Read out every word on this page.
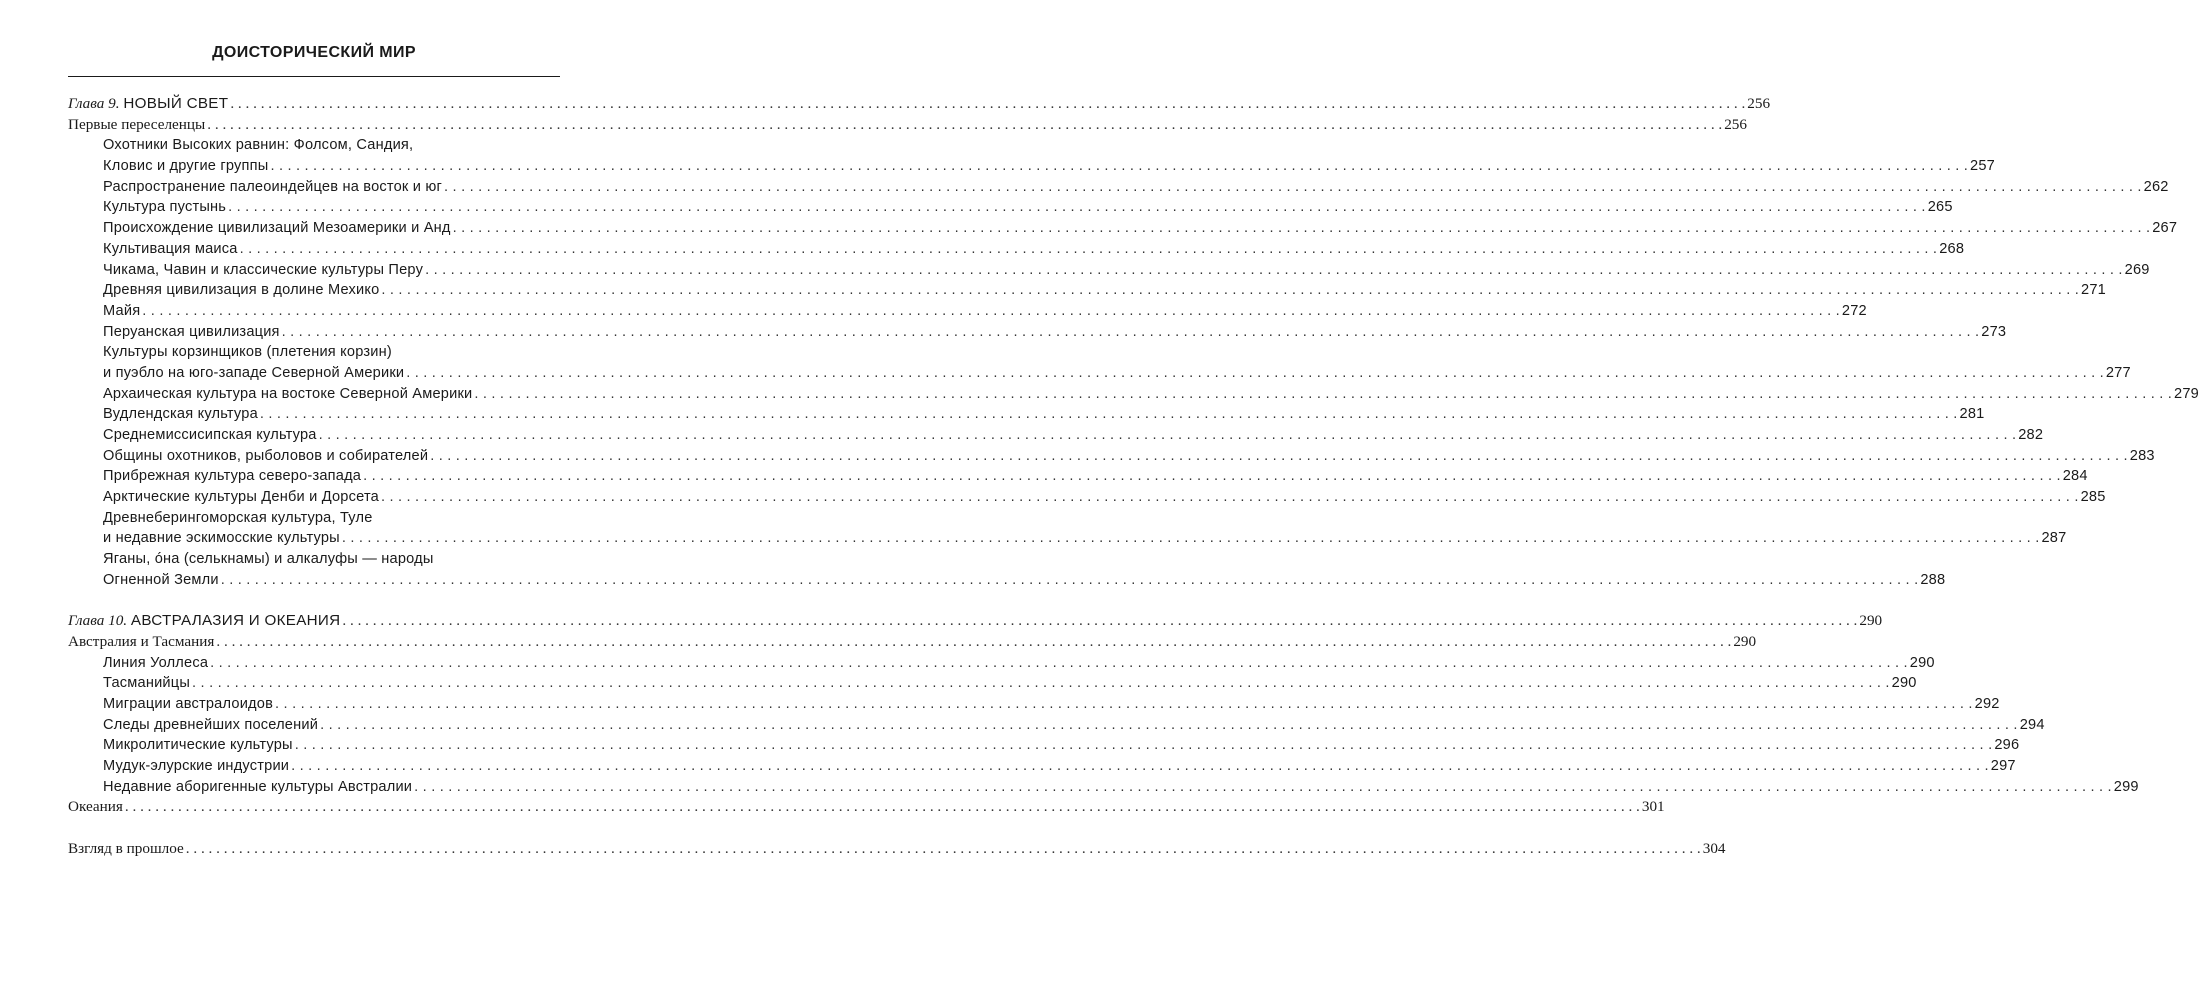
ДОИСТОРИЧЕСКИЙ МИР
Глава 9. НОВЫЙ СВЕТ . . . . . . . . . . . . . . . . . . . . . . . . . . . . . . . . . . . . . . . . . . . . . . . . . . . . . . . . . . . . . . . . . . . . . . . . . . . . . . . . . . . . . . . . . . . . . . . . . . . . . . . . . . . . . . . . . . . . . . . . . . . . . . . . . . . . . . . . . . . . . . . . . . . . . . . . . . . . . . . . . . . . . . . . . . . . . . . . . . . . . . . . . . . . . . . . . . . . . . . . 256
Первые переселенцы . . . . . . . . . . . . . . . . . . . . . . . . . . . . . . . . . . . . . . . . . . . . . . . . . . . . . . . . . . . . . . . . . . . . . . . . . . . . . . . . . . . . . . . . . . . . . . . . . . . . . . . . . . . . . . . . . . . . . . . . . . . . . . . . . . . . . . . . . . . . . . . . . . . . . . . . . . . . . . . . . . . . . . . . . . . . . . . . . . . . . . . . . . . . . . . . . . . . . . . . 256
Охотники Высоких равнин: Фолсом, Сандия,
Кловис и другие группы . . . . . . . . . . . . . . . . . . . . . . . . . . . . . . . . . . . . . . . . . . . . . . . . . . . . . . . . . . . . . . . . . . . . . . . . . . . . . . . . . . . . . . . . . . . . . . . . . . . . . . . . . . . . . . . . . . . . . . . . . . . . . . . . . . . . . . . . . . . . . . . . . . . . . . . . . . . . . . . . . . . . . . . . . . . . . . . . . . . . . . . . . . . . . . . . . . . . . . . . 257
Распространение палеоиндейцев на восток и юг . . . . . . . . . . . . . . . . . . . . . . . . . . . . . . . . . . . . . . . . . . . . . . . . . . . . . . . . . . . . . . . . . . . . . . . . . . . . . . . . . . . . . . . . . . . . . . . . . . . . . . . . . . . . . . . . . . . . . . . . . . . . . . . . . . . . . . . . . . . . . . . . . . . . . . . . . . . . . . . . . . . . . . . . . . . . . . . . . . . . . . . . . . . . . . . . . . . . . . . . 262
Культура пустынь . . . . . . . . . . . . . . . . . . . . . . . . . . . . . . . . . . . . . . . . . . . . . . . . . . . . . . . . . . . . . . . . . . . . . . . . . . . . . . . . . . . . . . . . . . . . . . . . . . . . . . . . . . . . . . . . . . . . . . . . . . . . . . . . . . . . . . . . . . . . . . . . . . . . . . . . . . . . . . . . . . . . . . . . . . . . . . . . . . . . . . . . . . . . . . . . . . . . . . . . 265
Происхождение цивилизаций Мезоамерики и Анд . . . . . . . . . . . . . . . . . . . . . . . . . . . . . . . . . . . . . . . . . . . . . . . . . . . . . . . . . . . . . . . . . . . . . . . . . . . . . . . . . . . . . . . . . . . . . . . . . . . . . . . . . . . . . . . . . . . . . . . . . . . . . . . . . . . . . . . . . . . . . . . . . . . . . . . . . . . . . . . . . . . . . . . . . . . . . . . . . . . . . . . . . . . . . . . . . . . . . . . . 267
Культивация маиса . . . . . . . . . . . . . . . . . . . . . . . . . . . . . . . . . . . . . . . . . . . . . . . . . . . . . . . . . . . . . . . . . . . . . . . . . . . . . . . . . . . . . . . . . . . . . . . . . . . . . . . . . . . . . . . . . . . . . . . . . . . . . . . . . . . . . . . . . . . . . . . . . . . . . . . . . . . . . . . . . . . . . . . . . . . . . . . . . . . . . . . . . . . . . . . . . . . . . . . . 268
Чикама, Чавин и классические культуры Перу . . . . . . . . . . . . . . . . . . . . . . . . . . . . . . . . . . . . . . . . . . . . . . . . . . . . . . . . . . . . . . . . . . . . . . . . . . . . . . . . . . . . . . . . . . . . . . . . . . . . . . . . . . . . . . . . . . . . . . . . . . . . . . . . . . . . . . . . . . . . . . . . . . . . . . . . . . . . . . . . . . . . . . . . . . . . . . . . . . . . . . . . . . . . . . . . . . . . . . . . 269
Древняя цивилизация в долине Мехико . . . . . . . . . . . . . . . . . . . . . . . . . . . . . . . . . . . . . . . . . . . . . . . . . . . . . . . . . . . . . . . . . . . . . . . . . . . . . . . . . . . . . . . . . . . . . . . . . . . . . . . . . . . . . . . . . . . . . . . . . . . . . . . . . . . . . . . . . . . . . . . . . . . . . . . . . . . . . . . . . . . . . . . . . . . . . . . . . . . . . . . . . . . . . . . . . . . . . . . . 271
Майя . . . . . . . . . . . . . . . . . . . . . . . . . . . . . . . . . . . . . . . . . . . . . . . . . . . . . . . . . . . . . . . . . . . . . . . . . . . . . . . . . . . . . . . . . . . . . . . . . . . . . . . . . . . . . . . . . . . . . . . . . . . . . . . . . . . . . . . . . . . . . . . . . . . . . . . . . . . . . . . . . . . . . . . . . . . . . . . . . . . . . . . . . . . . . . . . . . . . . . . . 272
Перуанская цивилизация . . . . . . . . . . . . . . . . . . . . . . . . . . . . . . . . . . . . . . . . . . . . . . . . . . . . . . . . . . . . . . . . . . . . . . . . . . . . . . . . . . . . . . . . . . . . . . . . . . . . . . . . . . . . . . . . . . . . . . . . . . . . . . . . . . . . . . . . . . . . . . . . . . . . . . . . . . . . . . . . . . . . . . . . . . . . . . . . . . . . . . . . . . . . . . . . . . . . . . . . 273
Культуры корзинщиков (плетения корзин)
и пуэбло на юго-западе Северной Америки . . . . . . . . . . . . . . . . . . . . . . . . . . . . . . . . . . . . . . . . . . . . . . . . . . . . . . . . . . . . . . . . . . . . . . . . . . . . . . . . . . . . . . . . . . . . . . . . . . . . . . . . . . . . . . . . . . . . . . . . . . . . . . . . . . . . . . . . . . . . . . . . . . . . . . . . . . . . . . . . . . . . . . . . . . . . . . . . . . . . . . . . . . . . . . . . . . . . . . . . 277
Архаическая культура на востоке Северной Америки . . . . . . . . . . . . . . . . . . . . . . . . . . . . . . . . . . . . . . . . . . . . . . . . . . . . . . . . . . . . . . . . . . . . . . . . . . . . . . . . . . . . . . . . . . . . . . . . . . . . . . . . . . . . . . . . . . . . . . . . . . . . . . . . . . . . . . . . . . . . . . . . . . . . . . . . . . . . . . . . . . . . . . . . . . . . . . . . . . . . . . . . . . . . . . . . . . . . . . . . 279
Вудлендская культура . . . . . . . . . . . . . . . . . . . . . . . . . . . . . . . . . . . . . . . . . . . . . . . . . . . . . . . . . . . . . . . . . . . . . . . . . . . . . . . . . . . . . . . . . . . . . . . . . . . . . . . . . . . . . . . . . . . . . . . . . . . . . . . . . . . . . . . . . . . . . . . . . . . . . . . . . . . . . . . . . . . . . . . . . . . . . . . . . . . . . . . . . . . . . . . . . . . . . . . . 281
Среднемиссисипская культура . . . . . . . . . . . . . . . . . . . . . . . . . . . . . . . . . . . . . . . . . . . . . . . . . . . . . . . . . . . . . . . . . . . . . . . . . . . . . . . . . . . . . . . . . . . . . . . . . . . . . . . . . . . . . . . . . . . . . . . . . . . . . . . . . . . . . . . . . . . . . . . . . . . . . . . . . . . . . . . . . . . . . . . . . . . . . . . . . . . . . . . . . . . . . . . . . . . . . . . . 282
Общины охотников, рыболовов и собирателей . . . . . . . . . . . . . . . . . . . . . . . . . . . . . . . . . . . . . . . . . . . . . . . . . . . . . . . . . . . . . . . . . . . . . . . . . . . . . . . . . . . . . . . . . . . . . . . . . . . . . . . . . . . . . . . . . . . . . . . . . . . . . . . . . . . . . . . . . . . . . . . . . . . . . . . . . . . . . . . . . . . . . . . . . . . . . . . . . . . . . . . . . . . . . . . . . . . . . . . . 283
Прибрежная культура северо-запада . . . . . . . . . . . . . . . . . . . . . . . . . . . . . . . . . . . . . . . . . . . . . . . . . . . . . . . . . . . . . . . . . . . . . . . . . . . . . . . . . . . . . . . . . . . . . . . . . . . . . . . . . . . . . . . . . . . . . . . . . . . . . . . . . . . . . . . . . . . . . . . . . . . . . . . . . . . . . . . . . . . . . . . . . . . . . . . . . . . . . . . . . . . . . . . . . . . . . . . . 284
Арктические культуры Денби и Дорсета . . . . . . . . . . . . . . . . . . . . . . . . . . . . . . . . . . . . . . . . . . . . . . . . . . . . . . . . . . . . . . . . . . . . . . . . . . . . . . . . . . . . . . . . . . . . . . . . . . . . . . . . . . . . . . . . . . . . . . . . . . . . . . . . . . . . . . . . . . . . . . . . . . . . . . . . . . . . . . . . . . . . . . . . . . . . . . . . . . . . . . . . . . . . . . . . . . . . . . . . 285
Древнеберингоморская культура, Туле
и недавние эскимосские культуры . . . . . . . . . . . . . . . . . . . . . . . . . . . . . . . . . . . . . . . . . . . . . . . . . . . . . . . . . . . . . . . . . . . . . . . . . . . . . . . . . . . . . . . . . . . . . . . . . . . . . . . . . . . . . . . . . . . . . . . . . . . . . . . . . . . . . . . . . . . . . . . . . . . . . . . . . . . . . . . . . . . . . . . . . . . . . . . . . . . . . . . . . . . . . . . . . . . . . . . . 287
Яганы, óна (селькнамы) и алкалуфы — народы
Огненной Земли . . . . . . . . . . . . . . . . . . . . . . . . . . . . . . . . . . . . . . . . . . . . . . . . . . . . . . . . . . . . . . . . . . . . . . . . . . . . . . . . . . . . . . . . . . . . . . . . . . . . . . . . . . . . . . . . . . . . . . . . . . . . . . . . . . . . . . . . . . . . . . . . . . . . . . . . . . . . . . . . . . . . . . . . . . . . . . . . . . . . . . . . . . . . . . . . . . . . . . . . 288
Глава 10. АВСТРАЛАЗИЯ И ОКЕАНИЯ . . . . . . . . . . . . . . . . . . . . . . . . . . . . . . . . . . . . . . . . . . . . . . . . . . . . . . . . . . . . . . . . . . . . . . . . . . . . . . . . . . . . . . . . . . . . . . . . . . . . . . . . . . . . . . . . . . . . . . . . . . . . . . . . . . . . . . . . . . . . . . . . . . . . . . . . . . . . . . . . . . . . . . . . . . . . . . . . . . . . . . . . . . . . . . . . . . . . . . . . 290
Австралия и Тасмания . . . . . . . . . . . . . . . . . . . . . . . . . . . . . . . . . . . . . . . . . . . . . . . . . . . . . . . . . . . . . . . . . . . . . . . . . . . . . . . . . . . . . . . . . . . . . . . . . . . . . . . . . . . . . . . . . . . . . . . . . . . . . . . . . . . . . . . . . . . . . . . . . . . . . . . . . . . . . . . . . . . . . . . . . . . . . . . . . . . . . . . . . . . . . . . . . . . . . . . . 290
Линия Уоллеса . . . . . . . . . . . . . . . . . . . . . . . . . . . . . . . . . . . . . . . . . . . . . . . . . . . . . . . . . . . . . . . . . . . . . . . . . . . . . . . . . . . . . . . . . . . . . . . . . . . . . . . . . . . . . . . . . . . . . . . . . . . . . . . . . . . . . . . . . . . . . . . . . . . . . . . . . . . . . . . . . . . . . . . . . . . . . . . . . . . . . . . . . . . . . . . . . . . . . . . . 290
Тасманийцы . . . . . . . . . . . . . . . . . . . . . . . . . . . . . . . . . . . . . . . . . . . . . . . . . . . . . . . . . . . . . . . . . . . . . . . . . . . . . . . . . . . . . . . . . . . . . . . . . . . . . . . . . . . . . . . . . . . . . . . . . . . . . . . . . . . . . . . . . . . . . . . . . . . . . . . . . . . . . . . . . . . . . . . . . . . . . . . . . . . . . . . . . . . . . . . . . . . . . . . . 290
Миграции австралоидов . . . . . . . . . . . . . . . . . . . . . . . . . . . . . . . . . . . . . . . . . . . . . . . . . . . . . . . . . . . . . . . . . . . . . . . . . . . . . . . . . . . . . . . . . . . . . . . . . . . . . . . . . . . . . . . . . . . . . . . . . . . . . . . . . . . . . . . . . . . . . . . . . . . . . . . . . . . . . . . . . . . . . . . . . . . . . . . . . . . . . . . . . . . . . . . . . . . . . . . . 292
Следы древнейших поселений . . . . . . . . . . . . . . . . . . . . . . . . . . . . . . . . . . . . . . . . . . . . . . . . . . . . . . . . . . . . . . . . . . . . . . . . . . . . . . . . . . . . . . . . . . . . . . . . . . . . . . . . . . . . . . . . . . . . . . . . . . . . . . . . . . . . . . . . . . . . . . . . . . . . . . . . . . . . . . . . . . . . . . . . . . . . . . . . . . . . . . . . . . . . . . . . . . . . . . . . 294
Микролитические культуры . . . . . . . . . . . . . . . . . . . . . . . . . . . . . . . . . . . . . . . . . . . . . . . . . . . . . . . . . . . . . . . . . . . . . . . . . . . . . . . . . . . . . . . . . . . . . . . . . . . . . . . . . . . . . . . . . . . . . . . . . . . . . . . . . . . . . . . . . . . . . . . . . . . . . . . . . . . . . . . . . . . . . . . . . . . . . . . . . . . . . . . . . . . . . . . . . . . . . . . . 296
Мудук-элурские индустрии . . . . . . . . . . . . . . . . . . . . . . . . . . . . . . . . . . . . . . . . . . . . . . . . . . . . . . . . . . . . . . . . . . . . . . . . . . . . . . . . . . . . . . . . . . . . . . . . . . . . . . . . . . . . . . . . . . . . . . . . . . . . . . . . . . . . . . . . . . . . . . . . . . . . . . . . . . . . . . . . . . . . . . . . . . . . . . . . . . . . . . . . . . . . . . . . . . . . . . . . 297
Недавние аборигенные культуры Австралии . . . . . . . . . . . . . . . . . . . . . . . . . . . . . . . . . . . . . . . . . . . . . . . . . . . . . . . . . . . . . . . . . . . . . . . . . . . . . . . . . . . . . . . . . . . . . . . . . . . . . . . . . . . . . . . . . . . . . . . . . . . . . . . . . . . . . . . . . . . . . . . . . . . . . . . . . . . . . . . . . . . . . . . . . . . . . . . . . . . . . . . . . . . . . . . . . . . . . . . . 299
Океания . . . . . . . . . . . . . . . . . . . . . . . . . . . . . . . . . . . . . . . . . . . . . . . . . . . . . . . . . . . . . . . . . . . . . . . . . . . . . . . . . . . . . . . . . . . . . . . . . . . . . . . . . . . . . . . . . . . . . . . . . . . . . . . . . . . . . . . . . . . . . . . . . . . . . . . . . . . . . . . . . . . . . . . . . . . . . . . . . . . . . . . . . . . . . . . . . . . . . . . . 301
Взгляд в прошлое . . . . . . . . . . . . . . . . . . . . . . . . . . . . . . . . . . . . . . . . . . . . . . . . . . . . . . . . . . . . . . . . . . . . . . . . . . . . . . . . . . . . . . . . . . . . . . . . . . . . . . . . . . . . . . . . . . . . . . . . . . . . . . . . . . . . . . . . . . . . . . . . . . . . . . . . . . . . . . . . . . . . . . . . . . . . . . . . . . . . . . . . . . . . . . . . . . . . . . . . 304
